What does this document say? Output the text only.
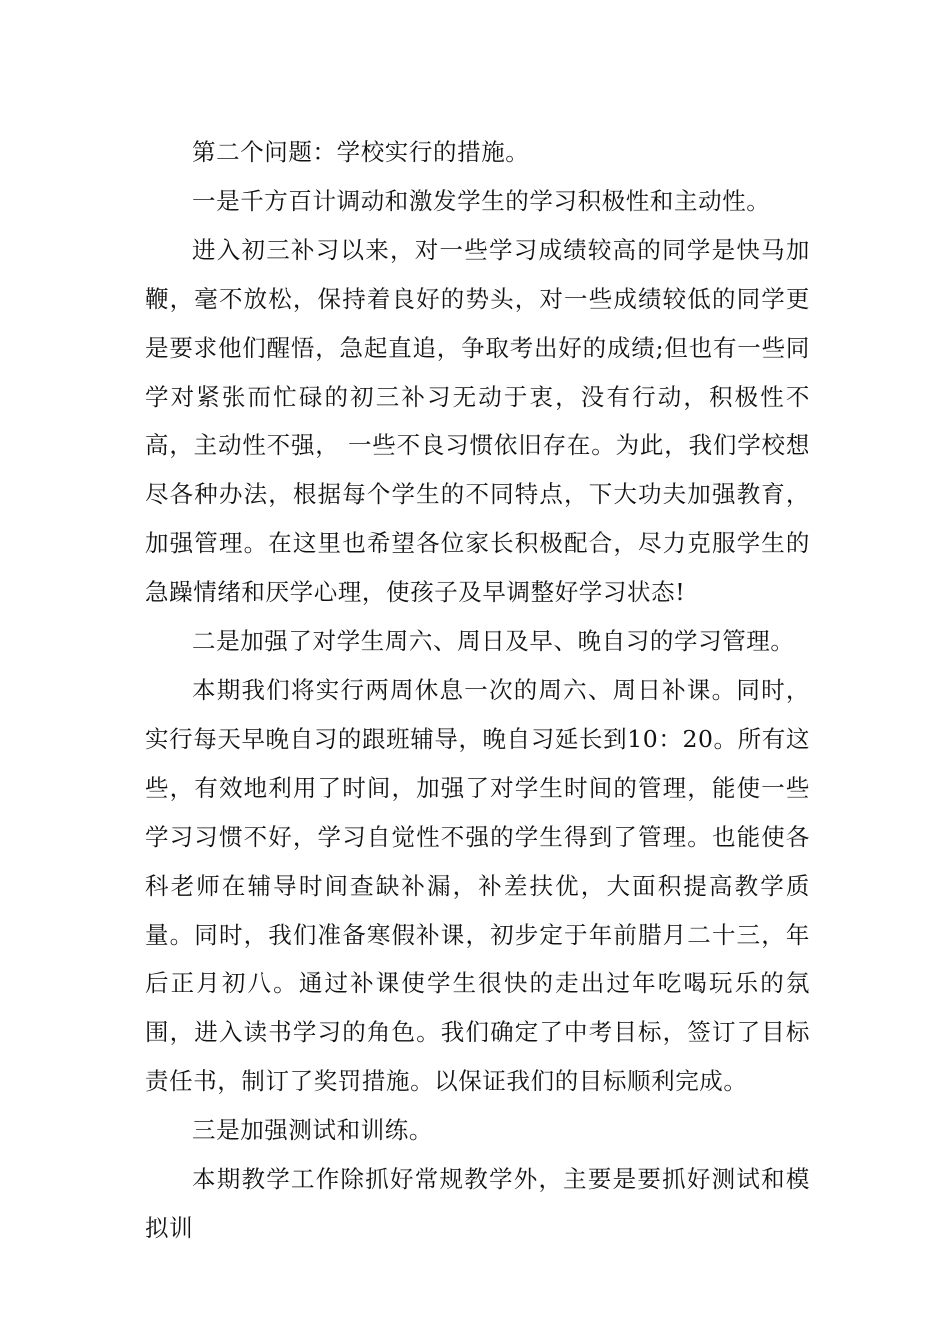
第二个问题：学校实行的措施。

一是千方百计调动和激发学生的学习积极性和主动性。

进入初三补习以来，对一些学习成绩较高的同学是快马加鞭，毫不放松，保持着良好的势头，对一些成绩较低的同学更是要求他们醒悟，急起直追，争取考出好的成绩;但也有一些同学对紧张而忙碌的初三补习无动于衷，没有行动，积极性不高，主动性不强， 一些不良习惯依旧存在。为此，我们学校想尽各种办法，根据每个学生的不同特点，下大功夫加强教育，加强管理。在这里也希望各位家长积极配合，尽力克服学生的急躁情绪和厌学心理，使孩子及早调整好学习状态!

二是加强了对学生周六、周日及早、晚自习的学习管理。

本期我们将实行两周休息一次的周六、周日补课。同时，实行每天早晚自习的跟班辅导，晚自习延长到10：20。所有这些，有效地利用了时间，加强了对学生时间的管理，能使一些学习习惯不好，学习自觉性不强的学生得到了管理。也能使各科老师在辅导时间查缺补漏，补差扶优，大面积提高教学质量。同时，我们准备寒假补课，初步定于年前腊月二十三，年后正月初八。通过补课使学生很快的走出过年吃喝玩乐的氛围，进入读书学习的角色。我们确定了中考目标，签订了目标责任书，制订了奖罚措施。以保证我们的目标顺利完成。

三是加强测试和训练。

本期教学工作除抓好常规教学外，主要是要抓好测试和模拟训
